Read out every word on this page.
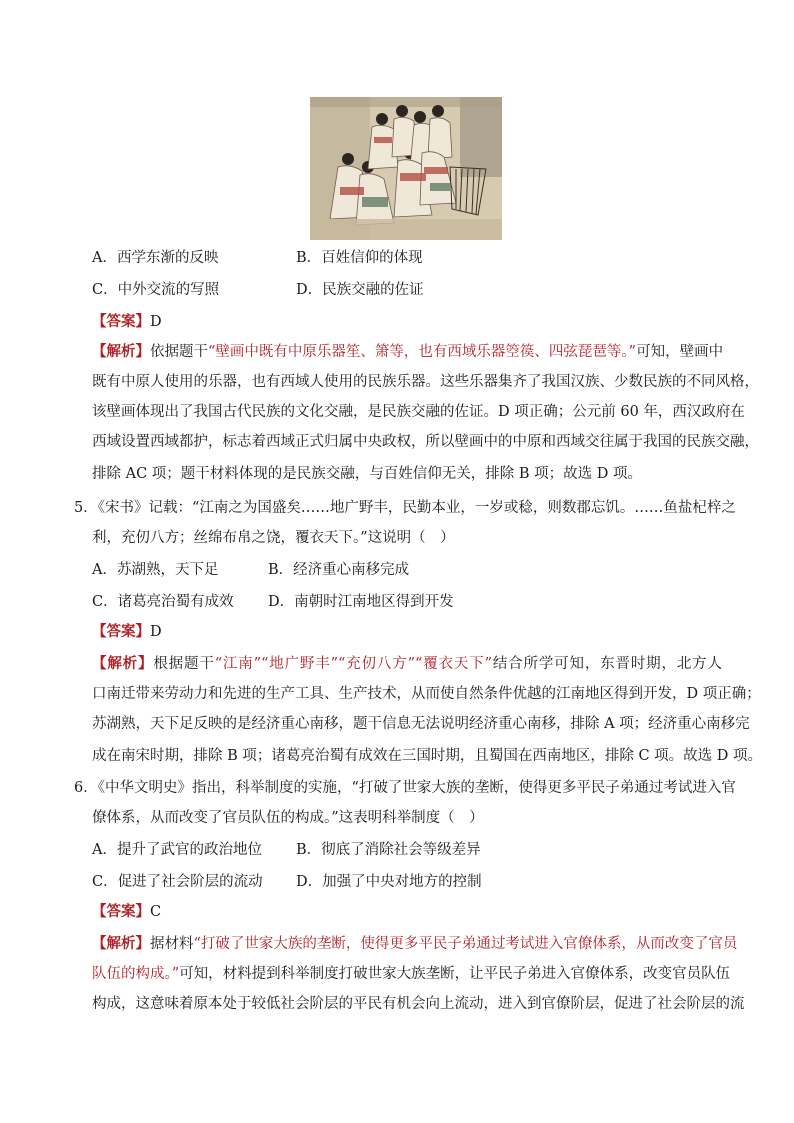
A．西学东渐的反映	B．百姓信仰的体现
C．中外交流的写照	D．民族交融的佐证
【答案】D
【解析】依据题干“壁画中既有中原乐器笙、箫等，也有西域乐器箜篌、四弦琵琶等。”可知，壁画中
既有中原人使用的乐器，也有西域人使用的民族乐器。这些乐器集齐了我国汉族、少数民族的不同风格，
该壁画体现出了我国古代民族的文化交融，是民族交融的佐证。D 项正确；公元前 60 年，西汉政府在
西域设置西域都护，标志着西域正式归属中央政权，所以壁画中的中原和西域交往属于我国的民族交融，
排除 AC 项；题干材料体现的是民族交融，与百姓信仰无关，排除 B 项；故选 D 项。
5．《宋书》记载：“江南之为国盛矣……地广野丰，民勤本业，一岁或稔，则数郡忘饥。……鱼盐杞梓之
利，充仞八方；丝绵布帛之饶，覆衣天下。”这说明（　）
A．苏湖熟，天下足	B．经济重心南移完成
C．诸葛亮治蜀有成效 D．南朝时江南地区得到开发
【答案】D
【解析】根据题干“江南”“地广野丰”“充仞八方”“覆衣天下”结合所学可知，东晋时期，北方人
口南迁带来劳动力和先进的生产工具、生产技术，从而使自然条件优越的江南地区得到开发，D 项正确；
苏湖熟，天下足反映的是经济重心南移，题干信息无法说明经济重心南移，排除 A 项；经济重心南移完
成在南宋时期，排除 B 项；诸葛亮治蜀有成效在三国时期，且蜀国在西南地区，排除 C 项。故选 D 项。
6．《中华文明史》指出，科举制度的实施，“打破了世家大族的垄断，使得更多平民子弟通过考试进入官
僚体系，从而改变了官员队伍的构成。”这表明科举制度（　）
A．提升了武官的政治地位 B．彻底了消除社会等级差异
C．促进了社会阶层的流动 D．加强了中央对地方的控制
【答案】C
【解析】据材料“打破了世家大族的垄断，使得更多平民子弟通过考试进入官僚体系，从而改变了官员
队伍的构成。”可知，材料提到科举制度打破世家大族垄断，让平民子弟进入官僚体系，改变官员队伍
构成，这意味着原本处于较低社会阶层的平民有机会向上流动，进入到官僚阶层，促进了社会阶层的流
